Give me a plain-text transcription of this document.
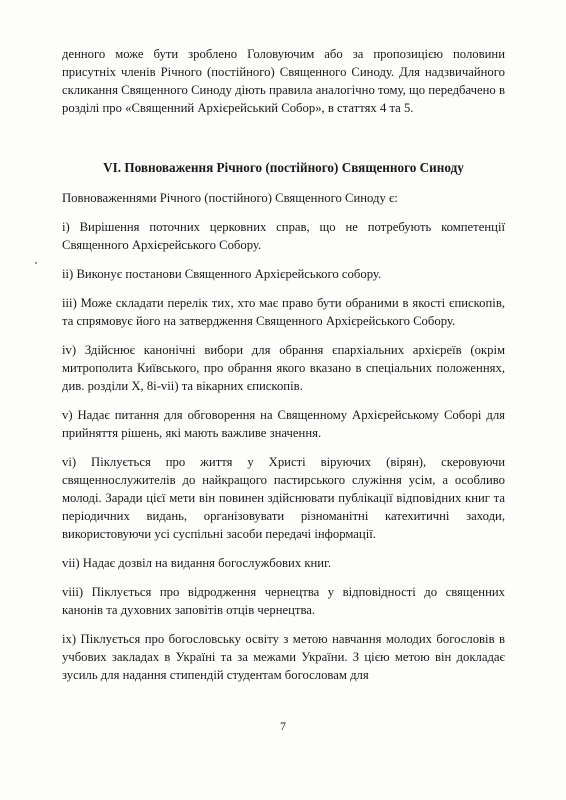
денного може бути зроблено Головуючим або за пропозицією половини присутніх членів Річного (постійного) Священного Синоду. Для надзвичайного скликання Священного Синоду діють правила аналогічно тому, що передбачено в розділі про «Священний Архієрейський Собор», в статтях 4 та 5.

VI. Повноваження Річного (постійного) Священного Синоду

Повноваженнями Річного (постійного) Священного Синоду є:

і) Вирішення поточних церковних справ, що не потребують компетенції Священного Архієрейського Собору.

ii) Виконує постанови Священного Архієрейського собору.

iii) Може складати перелік тих, хто має право бути обраними в якості єпископів, та спрямовує його на затвердження Священного Архієрейського Собору.

iv) Здійснює канонічні вибори для обрання єпархіальних архієреїв (окрім митрополита Київського, про обрання якого вказано в спеціальних положеннях, див. розділи Х, 8і-vii) та вікарних єпископів.

v) Надає питання для обговорення на Священному Архієрейському Соборі для прийняття рішень, які мають важливе значення.

vi) Піклується про життя у Христі віруючих (вірян), скеровуючи священнослужителів до найкращого пастирського служіння усім, а особливо молоді. Заради цієї мети він повинен здійснювати публікації відповідних книг та періодичних видань, організовувати різноманітні катехитичні заходи, використовуючи усі суспільні засоби передачі інформації.

vii) Надає дозвіл на видання богослужбових книг.

viii) Піклується про відродження чернецтва у відповідності до священних канонів та духовних заповітів отців чернецтва.

ix) Піклується про богословську освіту з метою навчання молодих богословів в учбових закладах в Україні та за межами України. З цією метою він докладає зусиль для надання стипендій студентам богословам для

7
